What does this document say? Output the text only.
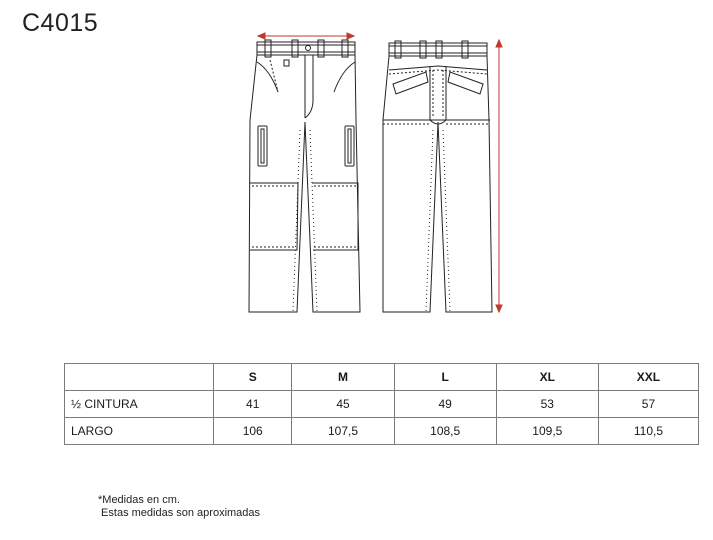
C4015
	S	M	L	XL	XXL
½ CINTURA	41	45	49	53	57
LARGO	106	107,5	108,5	109,5	110,5
*Medidas en cm.
Estas medidas son aproximadas
